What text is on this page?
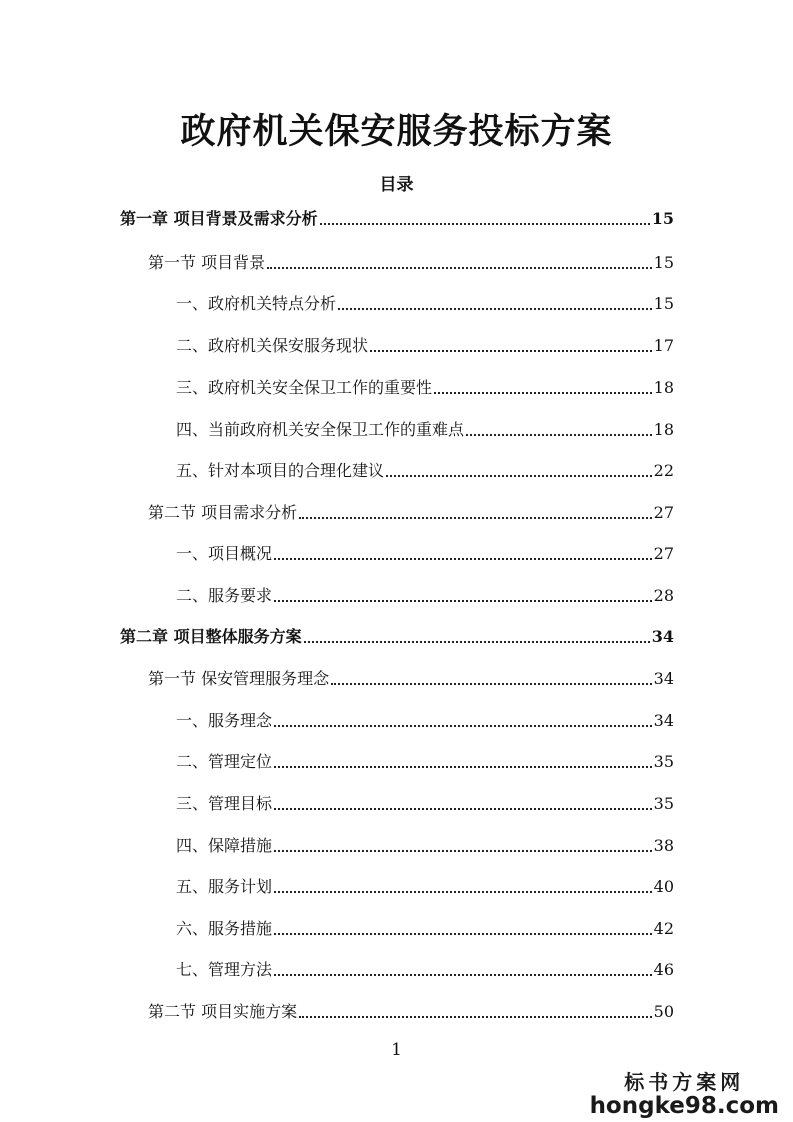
政府机关保安服务投标方案
目录
第一章 项目背景及需求分析	15
第一节 项目背景	15
一、政府机关特点分析	15
二、政府机关保安服务现状	17
三、政府机关安全保卫工作的重要性	18
四、当前政府机关安全保卫工作的重难点	18
五、针对本项目的合理化建议	22
第二节 项目需求分析	27
一、项目概况	27
二、服务要求	28
第二章 项目整体服务方案	34
第一节 保安管理服务理念	34
一、服务理念	34
二、管理定位	35
三、管理目标	35
四、保障措施	38
五、服务计划	40
六、服务措施	42
七、管理方法	46
第二节 项目实施方案	50
1
标书方案网
hongke98.com
